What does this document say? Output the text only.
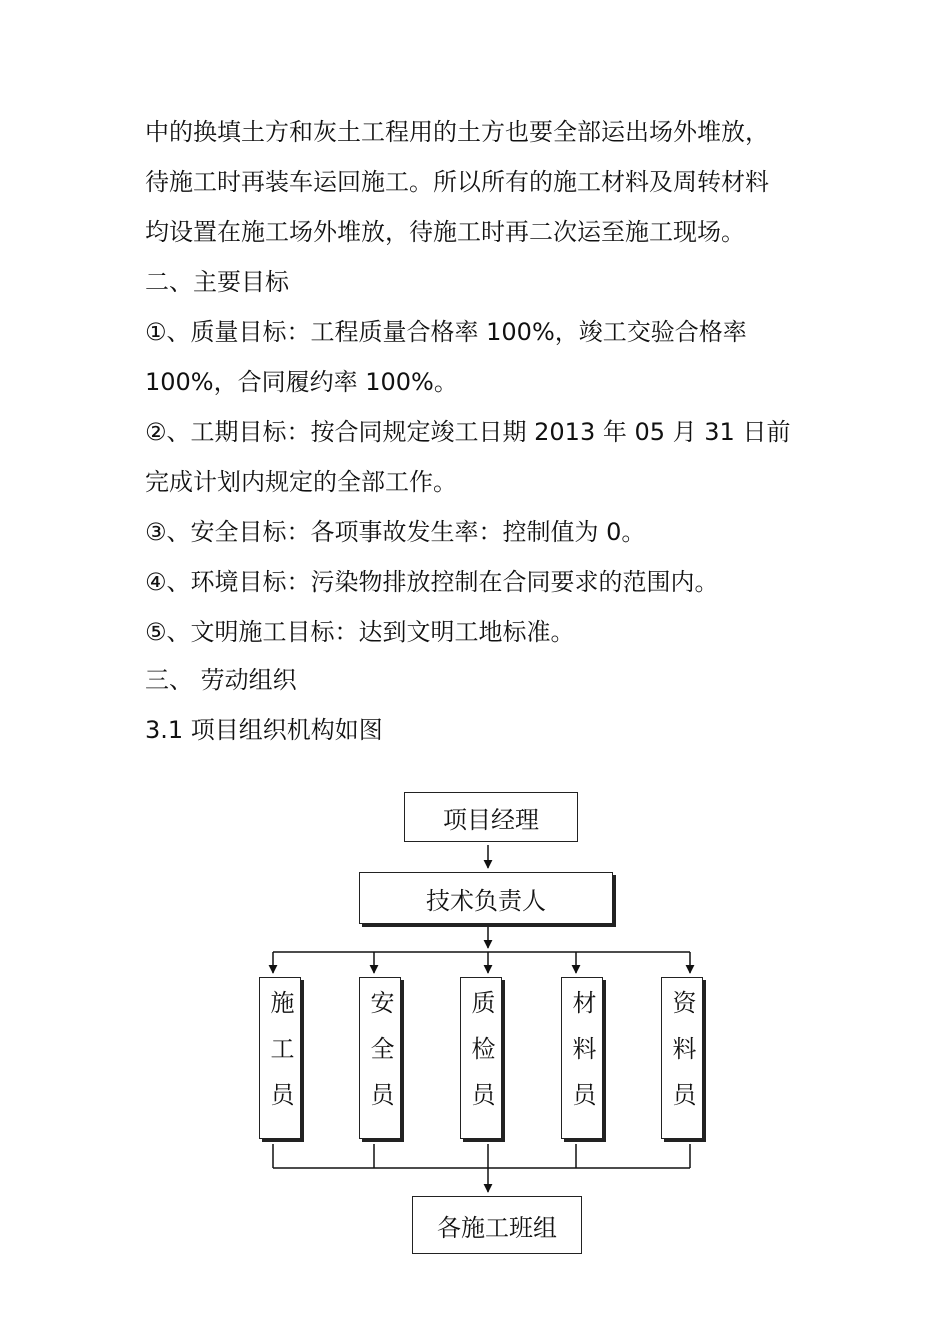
中的换填土方和灰土工程用的土方也要全部运出场外堆放，

待施工时再装车运回施工。所以所有的施工材料及周转材料

均设置在施工场外堆放，待施工时再二次运至施工现场。

二、主要目标

①、质量目标：工程质量合格率 100%，竣工交验合格率

100%，合同履约率 100%。

②、工期目标：按合同规定竣工日期 2013 年 05 月 31 日前

完成计划内规定的全部工作。

③、安全目标：各项事故发生率：控制值为 0。

④、环境目标：污染物排放控制在合同要求的范围内。

⑤、文明施工目标：达到文明工地标准。

三、 劳动组织

3.1 项目组织机构如图

项目经理
技术负责人
施工员	安全员	质检员	材料员	资料员
各施工班组
